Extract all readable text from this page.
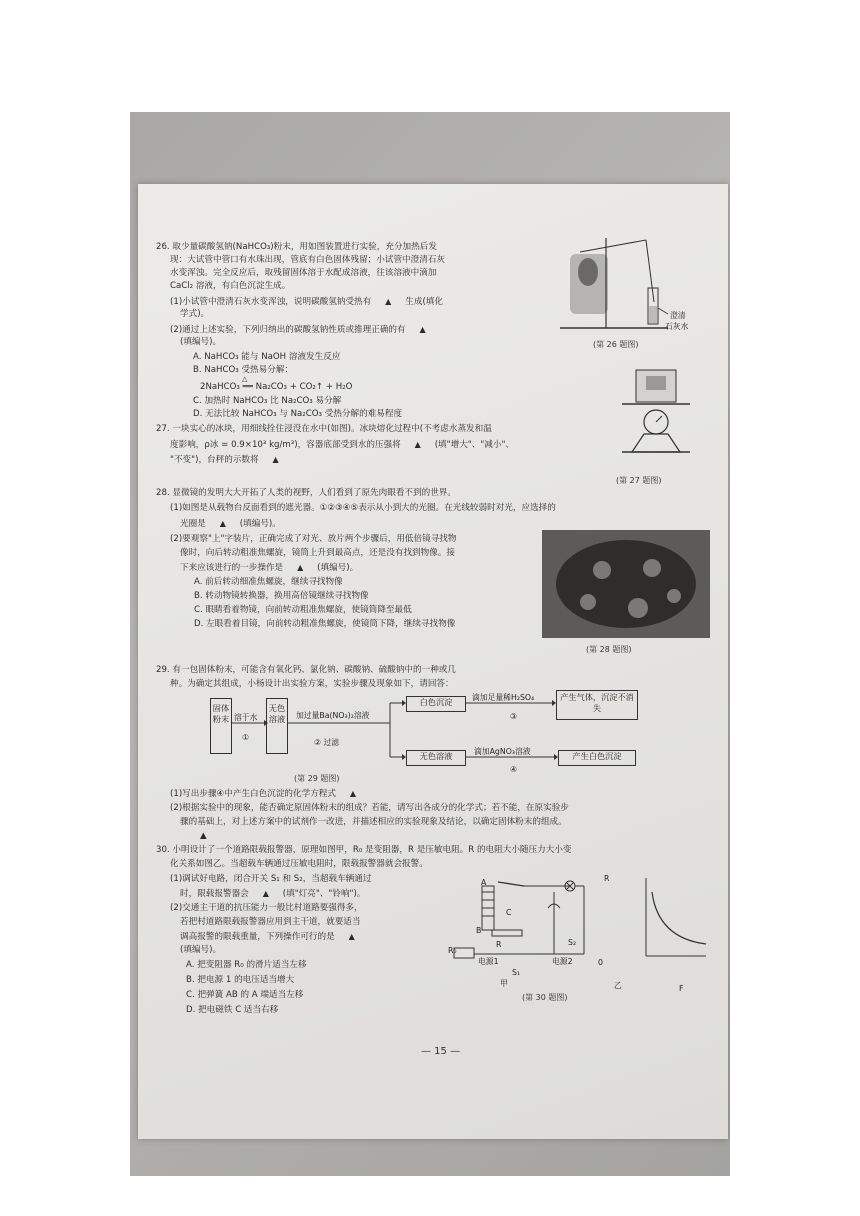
26. 取少量碳酸氢钠(NaHCO₃)粉末，用如图装置进行实验，充分加热后发
现：大试管中管口有水珠出现，管底有白色固体残留；小试管中澄清石灰
水变浑浊。完全反应后，取残留固体溶于水配成溶液，往该溶液中滴加
CaCl₂ 溶液，有白色沉淀生成。
(1)小试管中澄清石灰水变浑浊，说明碳酸氢钠受热有 ▲ 生成(填化
学式)。
(2)通过上述实验，下列归纳出的碳酸氢钠性质或推理正确的有 ▲
(填编号)。
A. NaHCO₃ 能与 NaOH 溶液发生反应
B. NaHCO₃ 受热易分解：
△
2NaHCO₃ ══ Na₂CO₃ + CO₂↑ + H₂O
C. 加热时 NaHCO₃ 比 Na₂CO₃ 易分解
D. 无法比较 NaHCO₃ 与 Na₂CO₃ 受热分解的难易程度
澄清
石灰水
(第 26 题图)
27. 一块实心的冰块，用细线拴住浸没在水中(如图)。冰块熔化过程中(不考虑水蒸发和温
度影响，ρ冰 = 0.9×10³ kg/m³)，容器底部受到水的压强将 ▲ (填"增大"、"减小"、
"不变")，台秤的示数将 ▲
(第 27 题图)
28. 显微镜的发明大大开拓了人类的视野，人们看到了原先肉眼看不到的世界。
(1)如图是从载物台反面看到的遮光器。①②③④⑤表示从小到大的光圈。在光线较弱时对光，应选择的
光圈是 ▲ (填编号)。
(2)要观察"上"字装片，正确完成了对光、放片两个步骤后，用低倍镜寻找物
像时，向后转动粗准焦螺旋，镜筒上升到最高点，还是没有找到物像。接
下来应该进行的一步操作是 ▲ (填编号)。
A. 前后转动细准焦螺旋，继续寻找物像
B. 转动物镜转换器，换用高倍镜继续寻找物像
C. 眼睛看着物镜，向前转动粗准焦螺旋，使镜筒降至最低
D. 左眼看着目镜，向前转动粗准焦螺旋，使镜筒下降，继续寻找物像
(第 28 题图)
29. 有一包固体粉末，可能含有氧化钙、氯化钠、碳酸钠、硫酸钠中的一种或几
种。为确定其组成，小杨设计出实验方案，实验步骤及现象如下，请回答：
固体粉末 溶于水
①
无色溶液	加过量Ba(NO₃)₂溶液
② 过滤
白色沉淀	滴加足量稀H₂SO₄
③
产生气体，沉淀不消失
无色溶液	滴加AgNO₃溶液
④
产生白色沉淀
(第 29 题图)
(1)写出步骤④中产生白色沉淀的化学方程式 ▲
(2)根据实验中的现象，能否确定原固体粉末的组成？若能，请写出各成分的化学式；若不能，在原实验步
骤的基础上，对上述方案中的试剂作一改进，并描述相应的实验现象及结论，以确定固体粉末的组成。
▲
30. 小明设计了一个道路限载报警器，原理如图甲，R₀ 是变阻器，R 是压敏电阻。R 的电阻大小随压力大小变
化关系如图乙。当超载车辆通过压敏电阻时，限载报警器就会报警。
(1)调试好电路，闭合开关 S₁ 和 S₂，当超载车辆通过
时，限载报警器会 ▲ (填"灯亮"、"铃响")。
(2)交通主干道的抗压能力一般比村道路要强得多，
若把村道路限载报警器应用到主干道，就要适当
调高报警的限载重量，下列操作可行的是 ▲
(填编号)。
A. 把变阻器 R₀ 的滑片适当左移
B. 把电源 1 的电压适当增大
C. 把弹簧 AB 的 A 端适当左移
D. 把电磁铁 C 适当右移
A
B
C
R
R₀
电源1	电源2
S₁
S₂
甲
R
F
0
乙
(第 30 题图)
— 15 —
